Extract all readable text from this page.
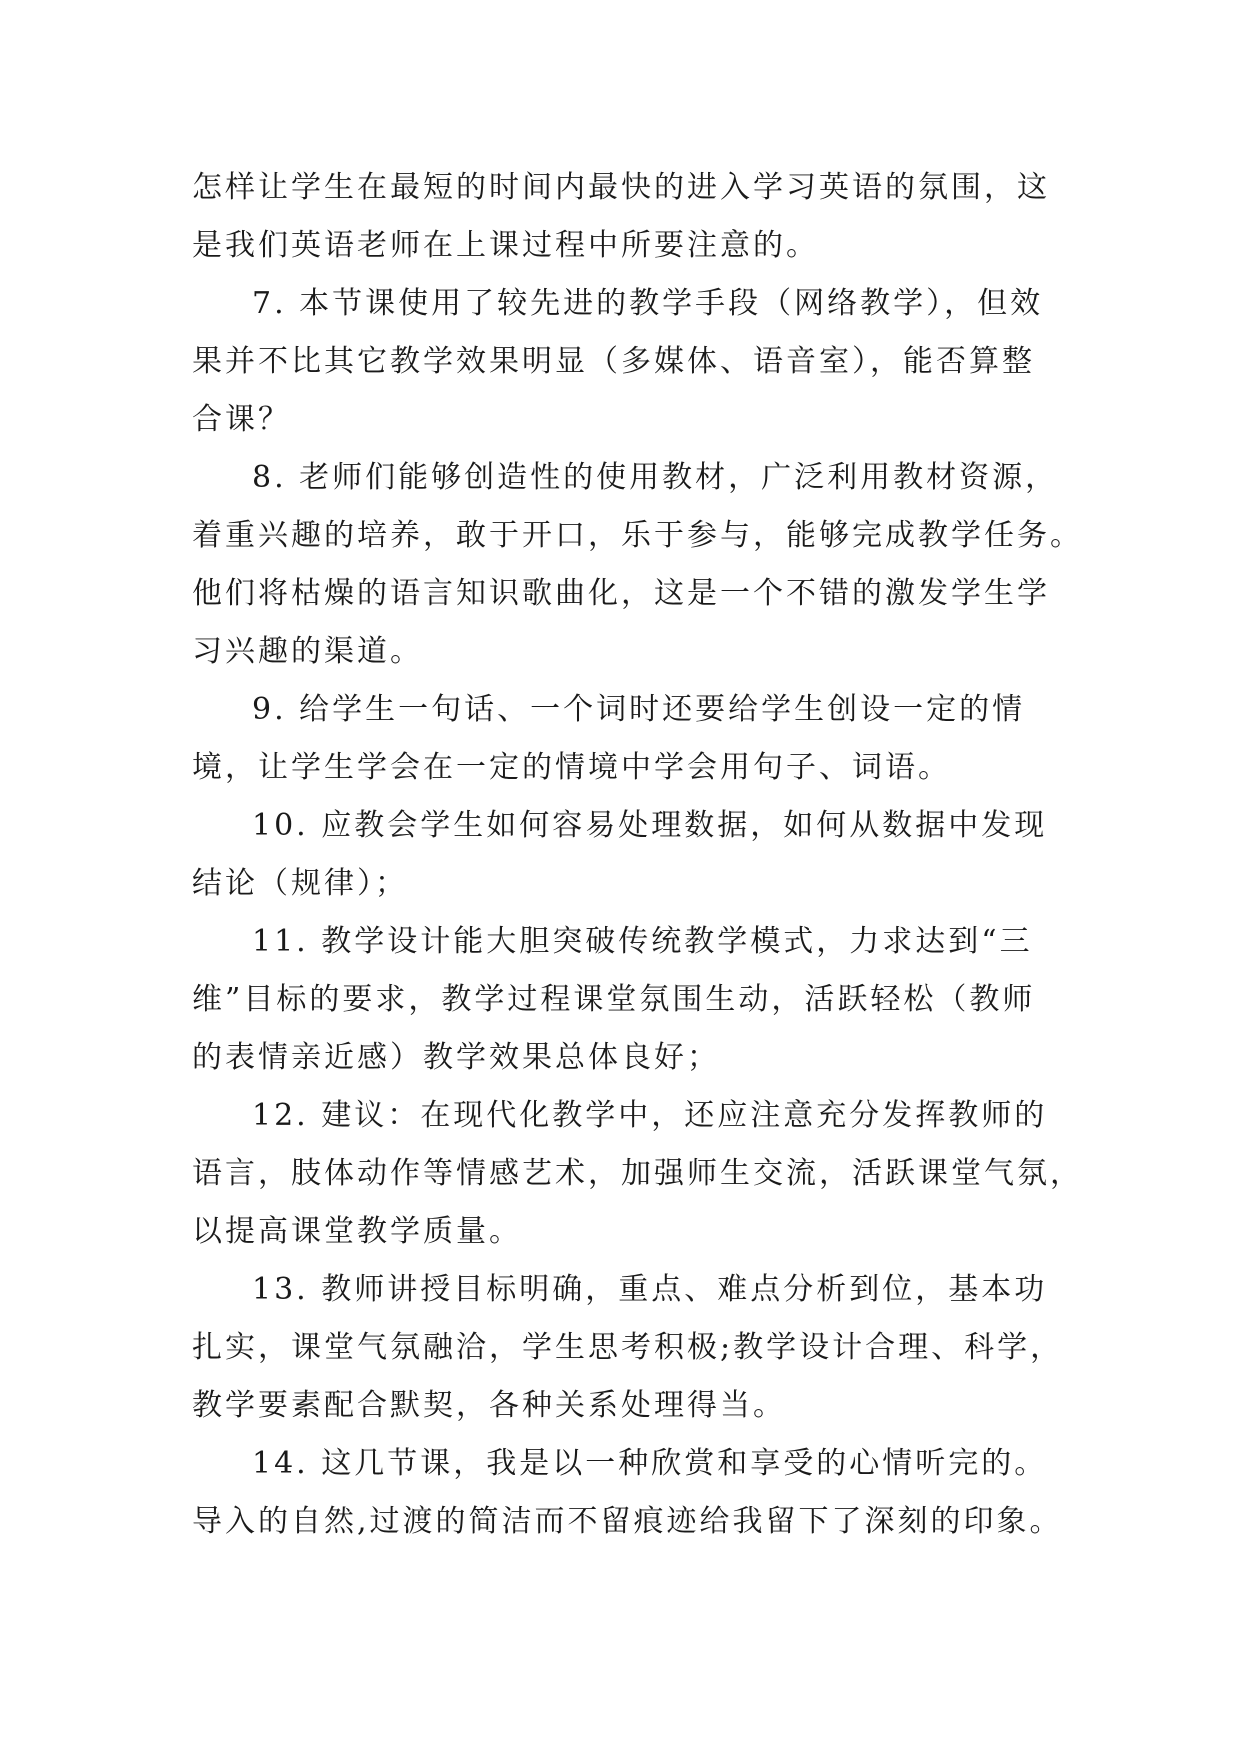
怎样让学生在最短的时间内最快的进入学习英语的氛围，这
是我们英语老师在上课过程中所要注意的。

7. 本节课使用了较先进的教学手段（网络教学），但效
果并不比其它教学效果明显（多媒体、语音室），能否算整
合课？

8. 老师们能够创造性的使用教材，广泛利用教材资源，
着重兴趣的培养，敢于开口，乐于参与，能够完成教学任务。
他们将枯燥的语言知识歌曲化，这是一个不错的激发学生学
习兴趣的渠道。

9. 给学生一句话、一个词时还要给学生创设一定的情
境，让学生学会在一定的情境中学会用句子、词语。

10. 应教会学生如何容易处理数据，如何从数据中发现
结论（规律）；

11. 教学设计能大胆突破传统教学模式，力求达到“三
维”目标的要求，教学过程课堂氛围生动，活跃轻松（教师
的表情亲近感）教学效果总体良好；

12. 建议：在现代化教学中，还应注意充分发挥教师的
语言，肢体动作等情感艺术，加强师生交流，活跃课堂气氛，
以提高课堂教学质量。

13. 教师讲授目标明确，重点、难点分析到位，基本功
扎实，课堂气氛融洽，学生思考积极;教学设计合理、科学，
教学要素配合默契，各种关系处理得当。

14. 这几节课，我是以一种欣赏和享受的心情听完的。
导入的自然,过渡的简洁而不留痕迹给我留下了深刻的印象。
